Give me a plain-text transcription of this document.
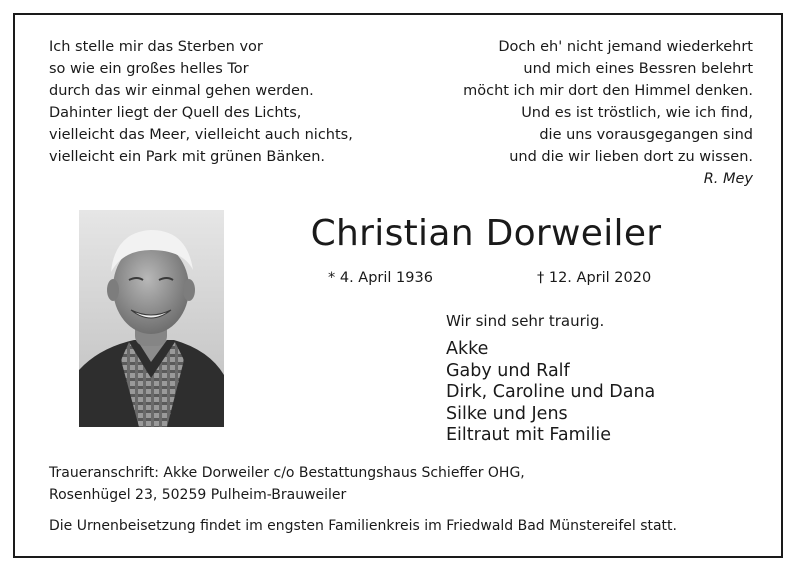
Ich stelle mir das Sterben vor
so wie ein großes helles Tor
durch das wir einmal gehen werden.
Dahinter liegt der Quell des Lichts,
vielleicht das Meer, vielleicht auch nichts,
vielleicht ein Park mit grünen Bänken.
Doch eh' nicht jemand wiederkehrt
und mich eines Bessren belehrt
möcht ich mir dort den Himmel denken.
Und es ist tröstlich, wie ich find,
die uns vorausgegangen sind
und die wir lieben dort zu wissen.
R. Mey
Christian Dorweiler
* 4. April 1936	† 12. April 2020
Wir sind sehr traurig.
Akke
Gaby und Ralf
Dirk, Caroline und Dana
Silke und Jens
Eiltraut mit Familie
Traueranschrift: Akke Dorweiler c/o Bestattungshaus Schieffer OHG,
Rosenhügel 23, 50259 Pulheim-Brauweiler
Die Urnenbeisetzung findet im engsten Familienkreis im Friedwald Bad Münstereifel statt.
